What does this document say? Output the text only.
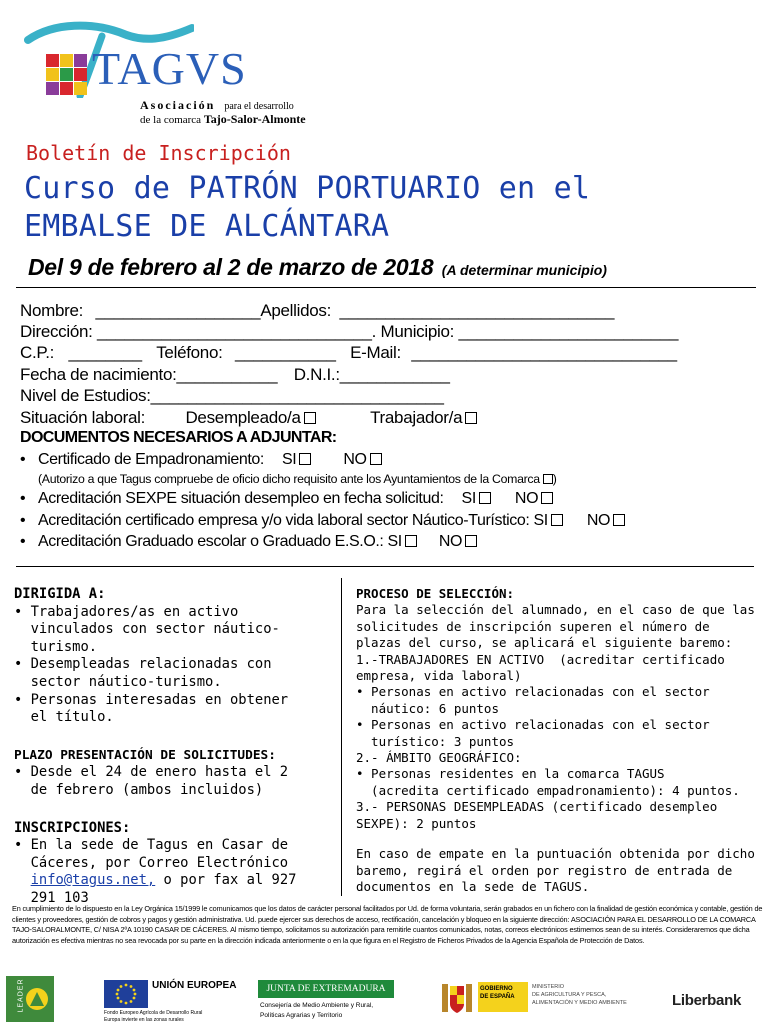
TAGVS
Asociación para el desarrollo
de la comarca Tajo-Salor-Almonte
Boletín de Inscripción
Curso de PATRÓN PORTUARIO en el
EMBALSE DE ALCÁNTARA
Del 9 de febrero al 2 de marzo de 2018 (A determinar municipio)
Nombre: __________________Apellidos: ______________________________
Dirección: ______________________________. Municipio: ________________________
C.P.: ________ Teléfono: ___________ E-Mail: _____________________________
Fecha de nacimiento:___________ D.N.I.:____________
Nivel de Estudios:________________________________
Situación laboral: Desempleado/a	Trabajador/a
DOCUMENTOS NECESARIOS A ADJUNTAR:
• Certificado de Empadronamiento: SI	NO
(Autorizo a que Tagus compruebe de oficio dicho requisito ante los Ayuntamientos de la Comarca )
• Acreditación SEXPE situación desempleo en fecha solicitud: SI NO
• Acreditación certificado empresa y/o vida laboral sector Náutico-Turístico: SI NO
• Acreditación Graduado escolar o Graduado E.S.O.: SI NO
DIRIGIDA A:
• Trabajadores/as en activo
vinculados con sector náutico-
turismo.
• Desempleadas relacionadas con
sector náutico-turismo.
• Personas interesadas en obtener
el título.
PLAZO PRESENTACIÓN DE SOLICITUDES:
• Desde el 24 de enero hasta el 2
de febrero (ambos incluidos)
INSCRIPCIONES:
• En la sede de Tagus en Casar de
Cáceres, por Correo Electrónico
info@tagus.net, o por fax al 927
291 103
PROCESO DE SELECCIÓN:
Para la selección del alumnado, en el caso de que las
solicitudes de inscripción superen el número de
plazas del curso, se aplicará el siguiente baremo:
1.-TRABAJADORES EN ACTIVO  (acreditar certificado
empresa, vida laboral)
• Personas en activo relacionadas con el sector
náutico: 6 puntos
• Personas en activo relacionadas con el sector
turístico: 3 puntos
2.- ÁMBITO GEOGRÁFICO:
• Personas residentes en la comarca TAGUS
(acredita certificado empadronamiento): 4 puntos.
3.- PERSONAS DESEMPLEADAS (certificado desempleo
SEXPE): 2 puntos
En caso de empate en la puntuación obtenida por dicho
baremo, regirá el orden por registro de entrada de
documentos en la sede de TAGUS.
En cumplimiento de lo dispuesto en la Ley Orgánica 15/1999 le comunicamos que los datos de carácter personal facilitados por Ud. de forma voluntaria, serán grabados en un fichero con la finalidad de gestión económica y contable, gestión de clientes y proveedores, gestión de cobros y pagos y gestión administrativa. Ud. puede ejercer sus derechos de acceso, rectificación, cancelación y bloqueo en la siguiente dirección: ASOCIACIÓN PARA EL DESARROLLO DE LA COMARCA TAJO-SALORALMONTE, C/ NISA 2ºA 10190 CASAR DE CÁCERES. Al mismo tiempo, solicitamos su autorización para remitirle cuantos comunicados, notas, correos electrónicos estimemos sean de su interés. Consideraremos que dicha autorización es efectiva mientras no sea revocada por su parte en la dirección indicada anteriormente o en la que figura en el Registro de Ficheros Privados de la Agencia Española de Protección de Datos.
LEADER	UNIÓN EUROPEA
Fondo Europeo Agrícola de Desarrollo Rural
Europa invierte en las zonas rurales
JUNTA DE EXTREMADURA
Consejería de Medio Ambiente y Rural,
Políticas Agrarias y Territorio
GOBIERNO
DE ESPAÑA
MINISTERIO
DE AGRICULTURA Y PESCA,
ALIMENTACIÓN Y MEDIO AMBIENTE	Liberbank
